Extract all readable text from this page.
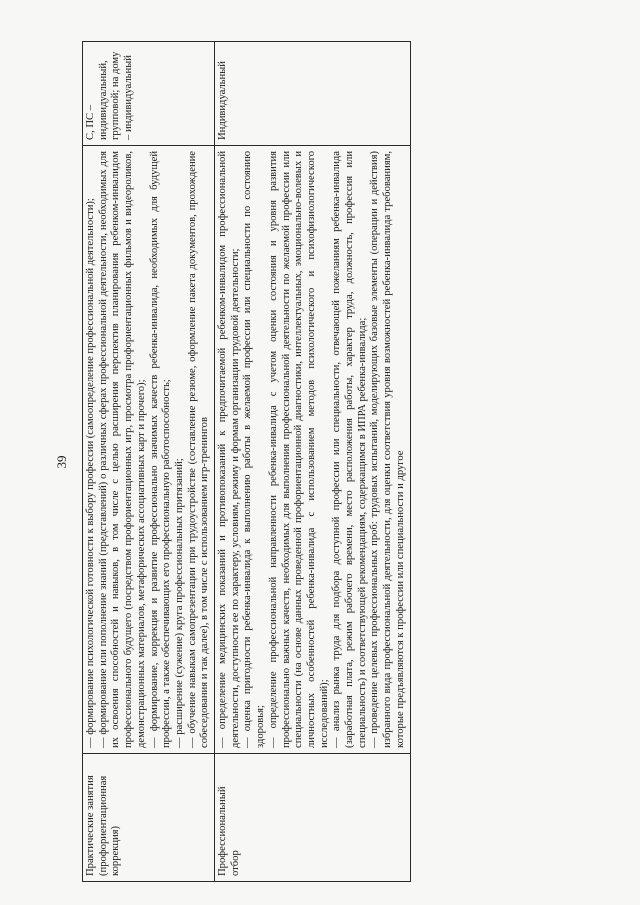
39

Практические занятия (профориентационная коррекция)	— формирование психологической готовности к выбору профессии (самоопределение профессиональной деятельности); — формирование или пополнение знаний (представлений) о различных сферах профессиональной деятельности, необходимых для их освоения способностей и навыков, в том числе с целью расширения перспектив планирования ребенком-инвалидом профессионального будущего (посредством профориентационных игр, просмотра профориентационных фильмов и видеороликов, демонстрационных материалов, метафорических ассоциативных карт и прочего); — формирование, коррекция и развитие профессионально значимых качеств ребенка-инвалида, необходимых для будущей профессии, а также обеспечивающих его профессиональную работоспособность; — расширение (сужение) круга профессиональных притязаний; — обучение навыкам самопрезентации при трудоустройстве (составление резюме, оформление пакета документов, прохождение собеседования и так далее), в том числе с использованием игр-тренингов	С, ПС – индивидуальный, групповой; на дому – индивидуальный

Профессиональный отбор	— определение медицинских показаний и противопоказаний к предпочитаемой ребенком-инвалидом профессиональной деятельности, доступности ее по характеру, условиям, режиму и формам организации трудовой деятельности; — оценка пригодности ребенка-инвалида к выполнению работы в желаемой профессии или специальности по состоянию здоровья; — определение профессиональной направленности ребенка-инвалида с учетом оценки состояния и уровня развития профессионально важных качеств, необходимых для выполнения профессиональной деятельности по желаемой профессии или специальности (на основе данных проведенной профориентационной диагностики, интеллектуальных, эмоционально-волевых и личностных особенностей ребенка-инвалида с использованием методов психологического и психофизиологического исследований); — анализ рынка труда для подбора доступной профессии или специальности, отвечающей пожеланиям ребенка-инвалида (заработная плата, режим рабочего времени, место расположения работы, характер труда, должность, профессия или специальность) и соответствующей рекомендациям, содержащимся в ИПРА ребенка-инвалида; — проведение целевых профессиональных проб: трудовых испытаний, моделирующих базовые элементы (операции и действия) избранного вида профессиональной деятельности, для оценки соответствия уровня возможностей ребенка-инвалида требованиям, которые предъявляются к профессии или специальности и другое	Индивидуальный
